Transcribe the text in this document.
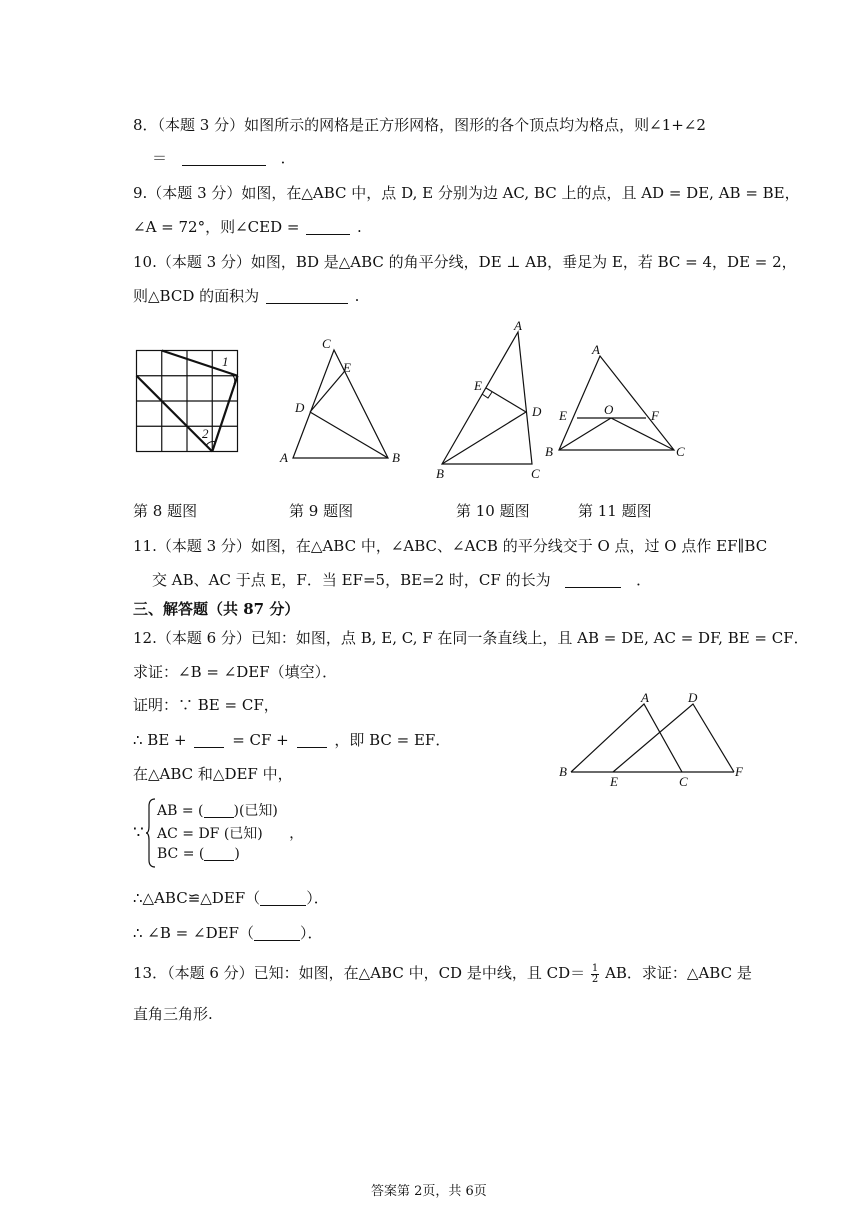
8．（本题 3 分）如图所示的网格是正方形网格，图形的各个顶点均为格点，则∠1+∠2
＝	．
9.（本题 3 分）如图，在△ABC 中，点 D, E 分别为边 AC, BC 上的点，且 AD = DE, AB = BE，
∠A = 72°，则∠CED =	.
10.（本题 3 分）如图，BD 是△ABC 的角平分线，DE ⊥ AB，垂足为 E，若 BC = 4，DE = 2，
则△BCD 的面积为	.
1
2
C
E
D
A	B
A
E
D
B	C
A
E	O	F
B	C
第 8 题图	第 9 题图	第 10 题图	第 11 题图
11.（本题 3 分）如图，在△ABC 中，∠ABC、∠ACB 的平分线交于 O 点，过 O 点作 EF∥BC
交 AB、AC 于点 E，F．当 EF=5，BE=2 时，CF 的长为	．
三、解答题（共 87 分）
12.（本题 6 分）已知：如图，点 B, E, C, F 在同一条直线上，且 AB = DE, AC = DF, BE = CF．
求证：∠B = ∠DEF（填空）．
证明：∵ BE = CF，
∴ BE +	= CF +	，即 BC = EF．
在△ABC 和△DEF 中，
∵
AB = ( )(已知)
AC = DF (已知) ，
BC = ( )
∴△ABC≌△DEF（	）．
∴ ∠B = ∠DEF（	）．
A	D
B
E	C
F
13．（本题 6 分）已知：如图，在△ABC 中，CD 是中线，且 $CD= \frac{1}{2}$ AB．求证：△ABC 是
直角三角形.
答案第 2页，共 6页
